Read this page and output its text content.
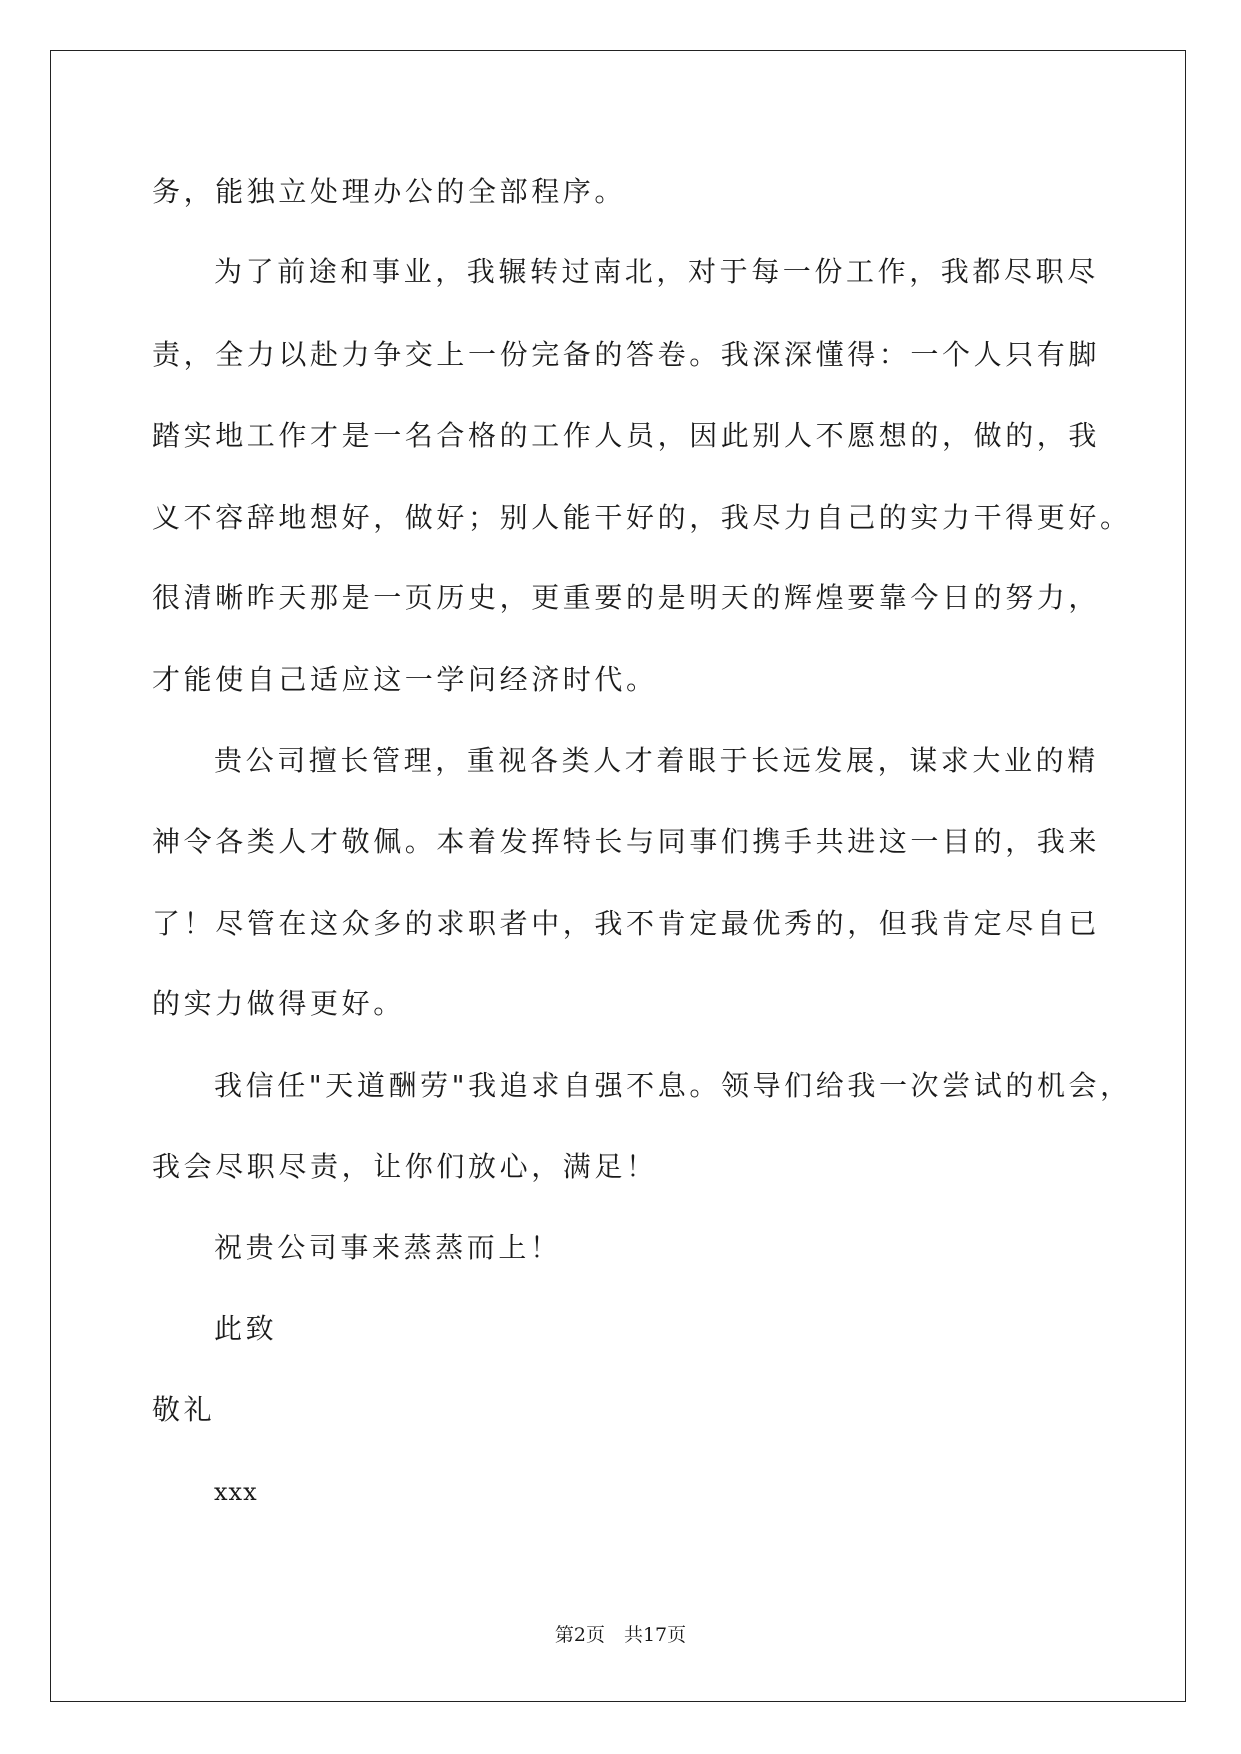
务，能独立处理办公的全部程序。

为了前途和事业，我辗转过南北，对于每一份工作，我都尽职尽

责，全力以赴力争交上一份完备的答卷。我深深懂得：一个人只有脚

踏实地工作才是一名合格的工作人员，因此别人不愿想的，做的，我

义不容辞地想好，做好；别人能干好的，我尽力自己的实力干得更好。

很清晰昨天那是一页历史，更重要的是明天的辉煌要靠今日的努力，

才能使自己适应这一学问经济时代。

贵公司擅长管理，重视各类人才着眼于长远发展，谋求大业的精

神令各类人才敬佩。本着发挥特长与同事们携手共进这一目的，我来

了！尽管在这众多的求职者中，我不肯定最优秀的，但我肯定尽自已

的实力做得更好。

我信任"天道酬劳"我追求自强不息。领导们给我一次尝试的机会，

我会尽职尽责，让你们放心，满足！

祝贵公司事来蒸蒸而上！

此致

敬礼

xxx

第2页　共17页
